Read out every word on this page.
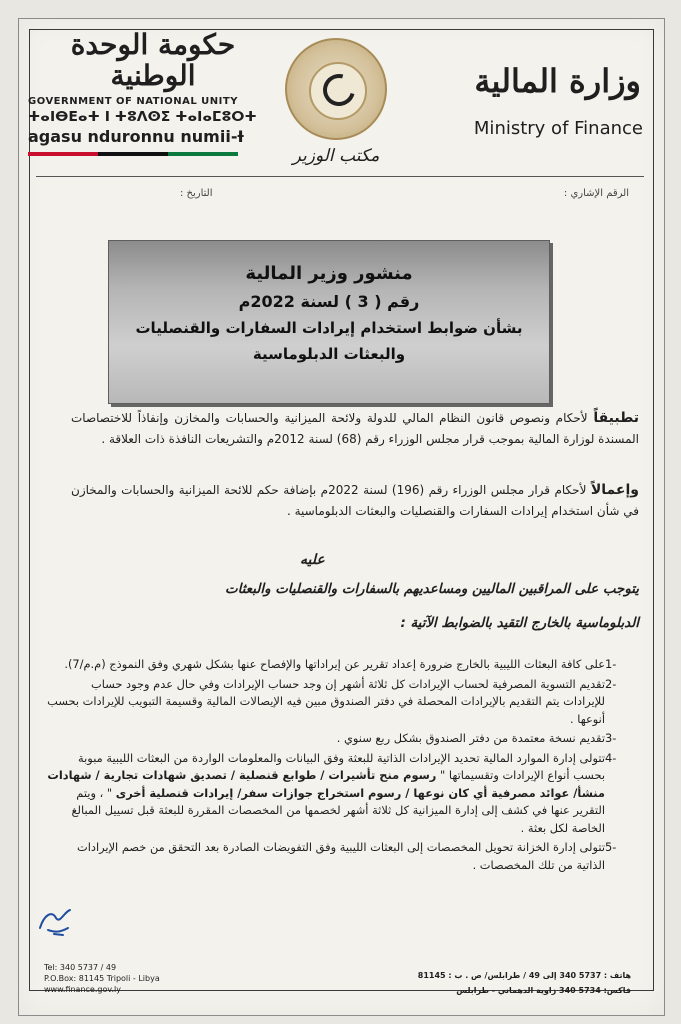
حكومة الوحدة الوطنية
GOVERNMENT OF NATIONAL UNITY
ⵜⴰⵏⴱⴹⴰⵜ ⵏ ⵜⵓⴷⵙⵉ ⵜⴰⵏⴰⵎⵓⵔⵜ
agasu nduronnu numii-Ɨ
مكتب الوزير
وزارة المالية
Ministry of Finance
الرقم الإشاري :
التاريخ :
منشور وزير المالية
رقم ( 3 ) لسنة 2022م
بشأن ضوابط استخدام إيرادات السفارات والقنصليات
والبعثات الدبلوماسية
تطبيقاً لأحكام ونصوص قانون النظام المالي للدولة ولائحة الميزانية والحسابات والمخازن وإنفاذاً للاختصاصات المسندة لوزارة المالية بموجب قرار مجلس الوزراء رقم (68) لسنة 2012م والتشريعات النافذة ذات العلاقة .
وإعمالاً لأحكام قرار مجلس الوزراء رقم (196) لسنة 2022م بإضافة حكم للائحة الميزانية والحسابات والمخازن في شأن استخدام إيرادات السفارات والقنصليات والبعثات الدبلوماسية .
عليه
يتوجب على المراقبين الماليين ومساعديهم بالسفارات والقنصليات والبعثات
الدبلوماسية بالخارج التقيد بالضوابط الآتية :
-1
على كافة البعثات الليبية بالخارج ضرورة إعداد تقرير عن إيراداتها والإفصاح عنها بشكل شهري وفق النموذج (م.م/7).
-2
تقديم التسوية المصرفية لحساب الإيرادات كل ثلاثة أشهر إن وجد حساب الإيرادات وفي حال عدم وجود حساب للإيرادات يتم التقديم بالإيرادات المحصلة في دفتر الصندوق مبين فيه الإيصالات المالية وقسيمة التبويب للإيرادات بحسب أنوعها .
-3
تقديم نسخة معتمدة من دفتر الصندوق بشكل ربع سنوي .
-4
تتولى إدارة الموارد المالية تحديد الإيرادات الذاتية للبعثة وفق البيانات والمعلومات الواردة من البعثات الليبية مبوبة بحسب أنواع الإيرادات وتقسيماتها " رسوم منح تأشيرات / طوابع قنصلية / تصديق شهادات تجارية / شهادات منشأ/ عوائد مصرفية أي كان نوعها / رسوم استخراج جوازات سفر/ إيرادات قنصلية أخرى " ، ويتم التقرير عنها في كشف إلى إدارة الميزانية كل ثلاثة أشهر لخصمها من المخصصات المقررة للبعثة قبل تسييل المبالغ الخاصة لكل بعثة .
-5
تتولى إدارة الخزانة تحويل المخصصات إلى البعثات الليبية وفق التفويضات الصادرة بعد التحقق من خصم الإيرادات الذاتية من تلك المخصصات .
Tel: 340 5737 / 49
P.O.Box: 81145 Tripoli - Libya
www.finance.gov.ly
هاتف : 5737 340 إلى 49 / طرابلس/ ص . ب : 81145
فاكس: 5734 340 زاوية الدهماني - طرابلس
